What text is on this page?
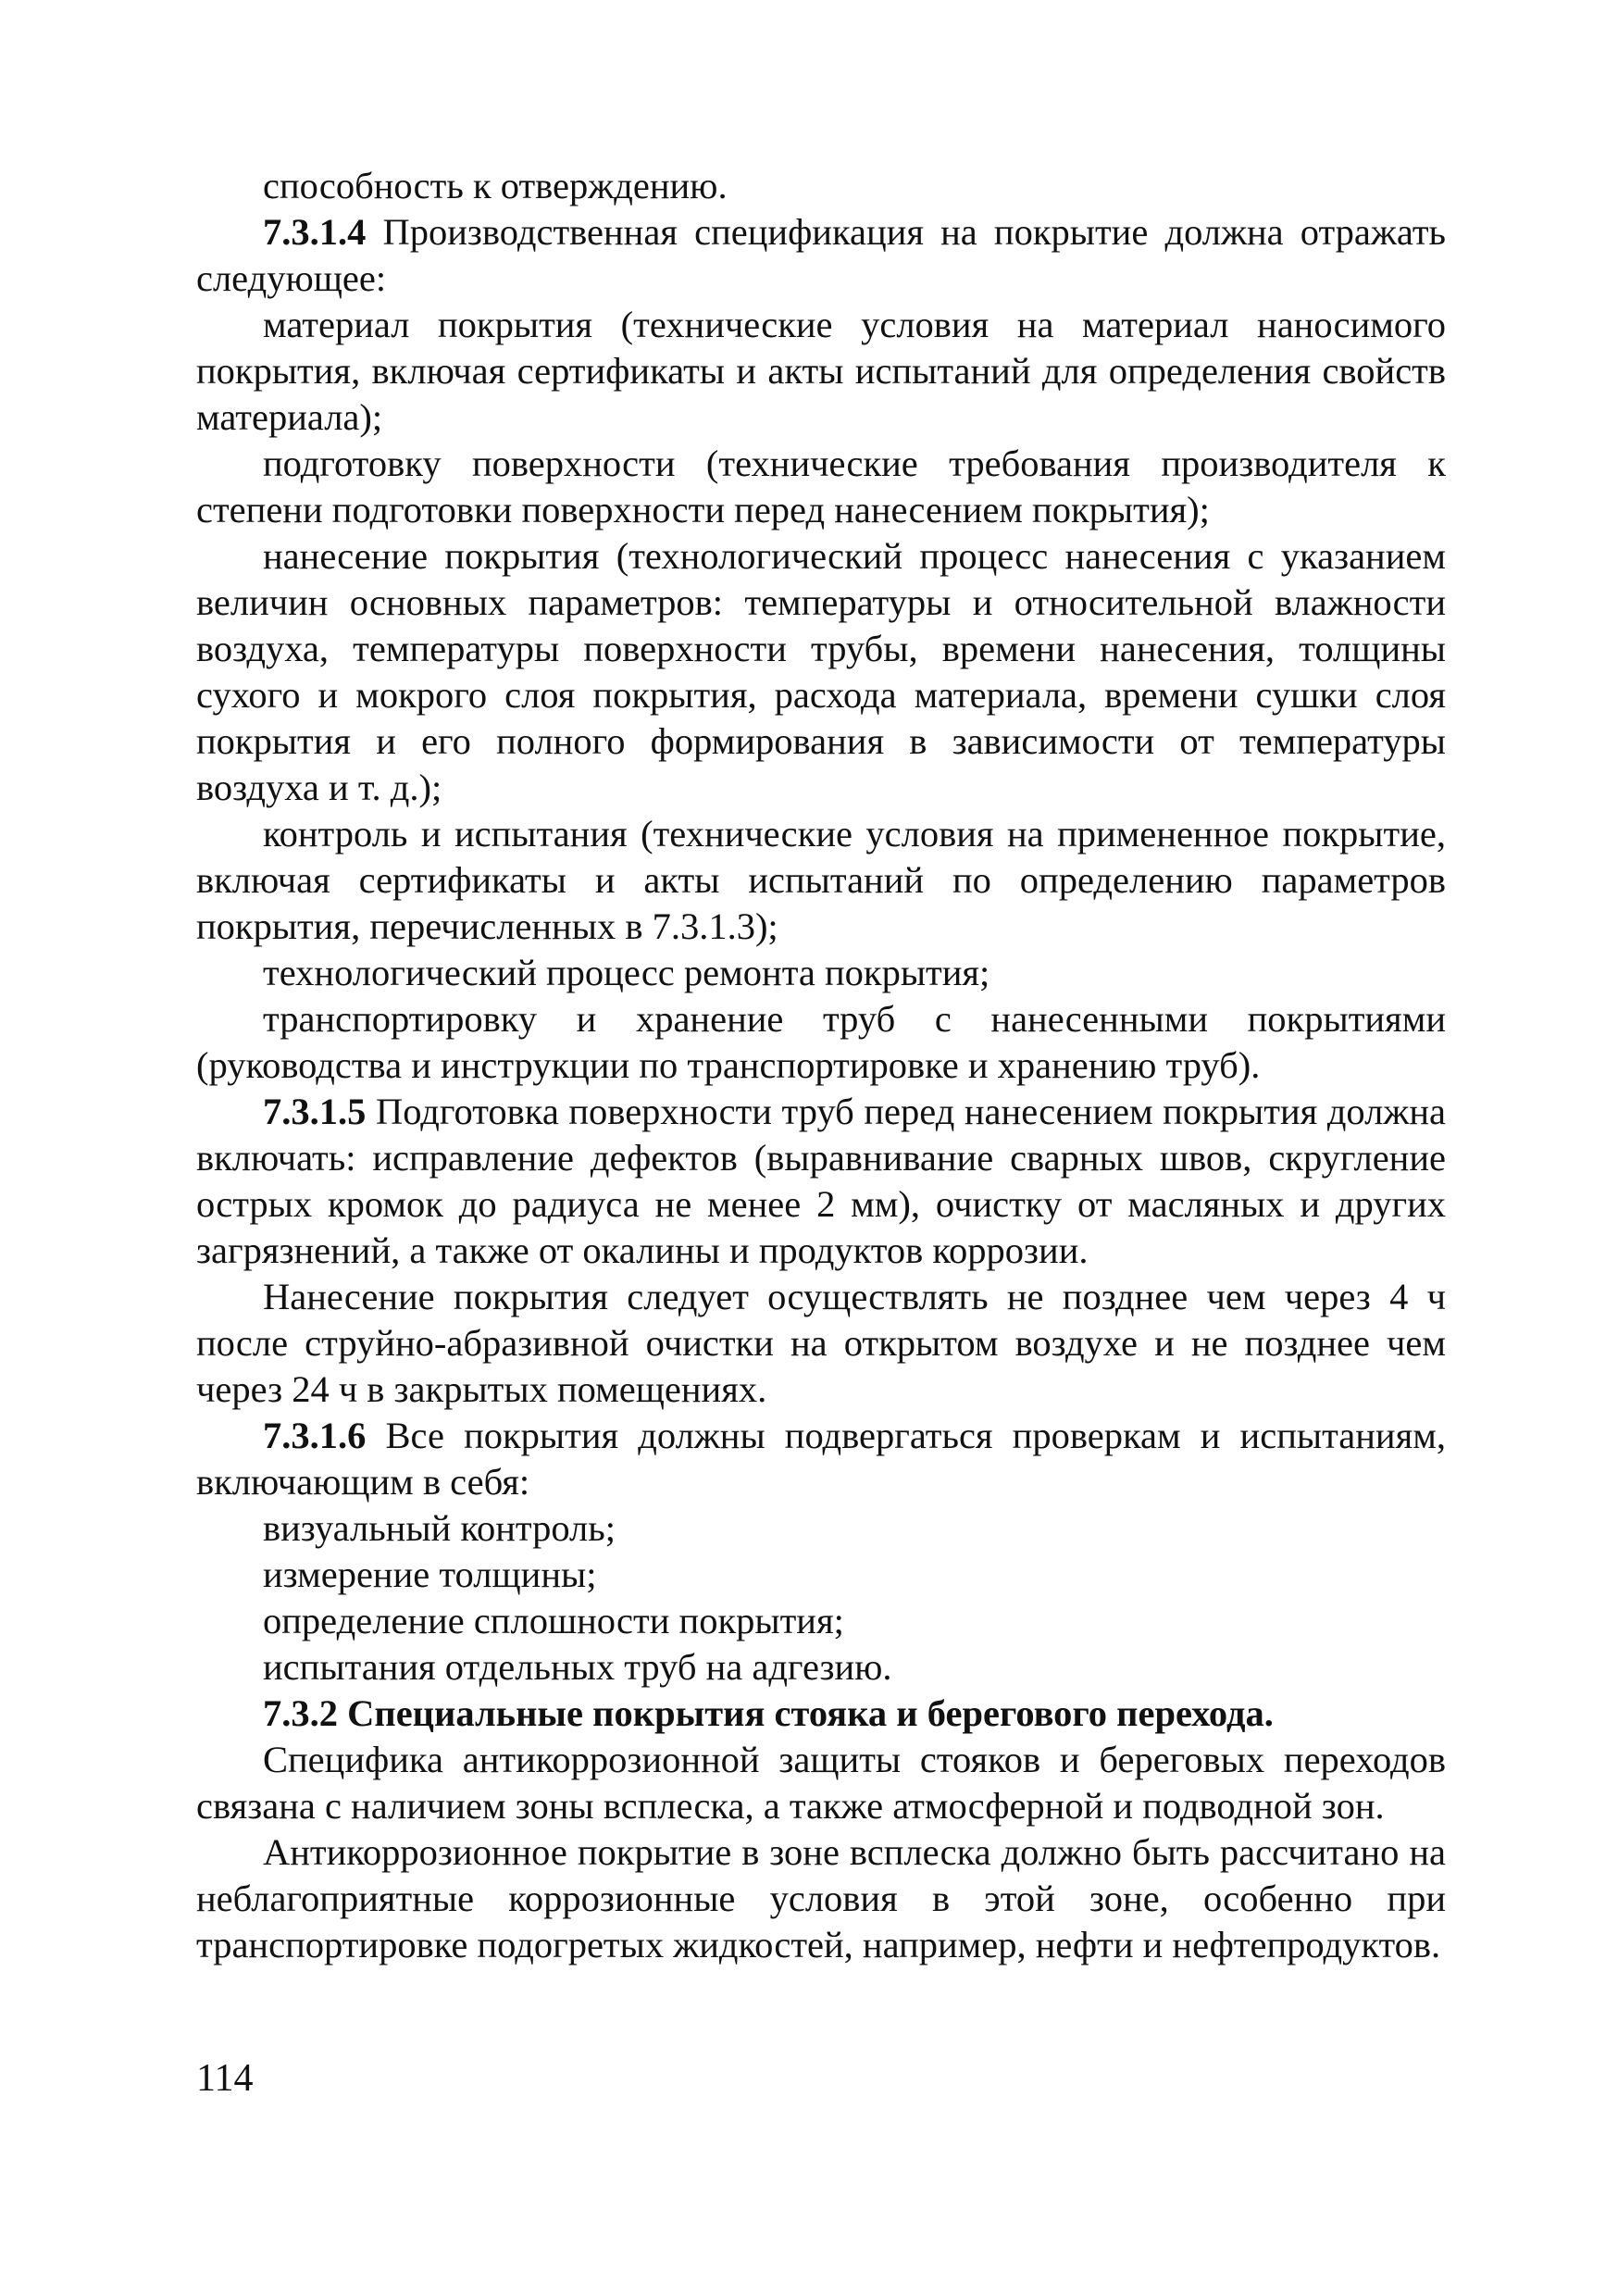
способность к отверждению.

7.3.1.4 Производственная спецификация на покрытие должна отражать следующее:

материал покрытия (технические условия на материал наносимого покрытия, включая сертификаты и акты испытаний для определения свойств материала);

подготовку поверхности (технические требования производителя к степени подготовки поверхности перед нанесением покрытия);

нанесение покрытия (технологический процесс нанесения с указанием величин основных параметров: температуры и относительной влажности воздуха, температуры поверхности трубы, времени нанесения, толщины сухого и мокрого слоя покрытия, расхода материала, времени сушки слоя покрытия и его полного формирования в зависимости от температуры воздуха и т. д.);

контроль и испытания (технические условия на примененное покрытие, включая сертификаты и акты испытаний по определению параметров покрытия, перечисленных в 7.3.1.3);

технологический процесс ремонта покрытия;

транспортировку и хранение труб с нанесенными покрытиями (руководства и инструкции по транспортировке и хранению труб).

7.3.1.5 Подготовка поверхности труб перед нанесением покрытия должна включать: исправление дефектов (выравнивание сварных швов, скругление острых кромок до радиуса не менее 2 мм), очистку от масляных и других загрязнений, а также от окалины и продуктов коррозии.

Нанесение покрытия следует осуществлять не позднее чем через 4 ч после струйно-абразивной очистки на открытом воздухе и не позднее чем через 24 ч в закрытых помещениях.

7.3.1.6 Все покрытия должны подвергаться проверкам и испытаниям, включающим в себя:

визуальный контроль;

измерение толщины;

определение сплошности покрытия;

испытания отдельных труб на адгезию.

7.3.2 Специальные покрытия стояка и берегового перехода.

Специфика антикоррозионной защиты стояков и береговых переходов связана с наличием зоны всплеска, а также атмосферной и подводной зон.

Антикоррозионное покрытие в зоне всплеска должно быть рассчитано на неблагоприятные коррозионные условия в этой зоне, особенно при транспортировке подогретых жидкостей, например, нефти и нефтепродуктов.

114
